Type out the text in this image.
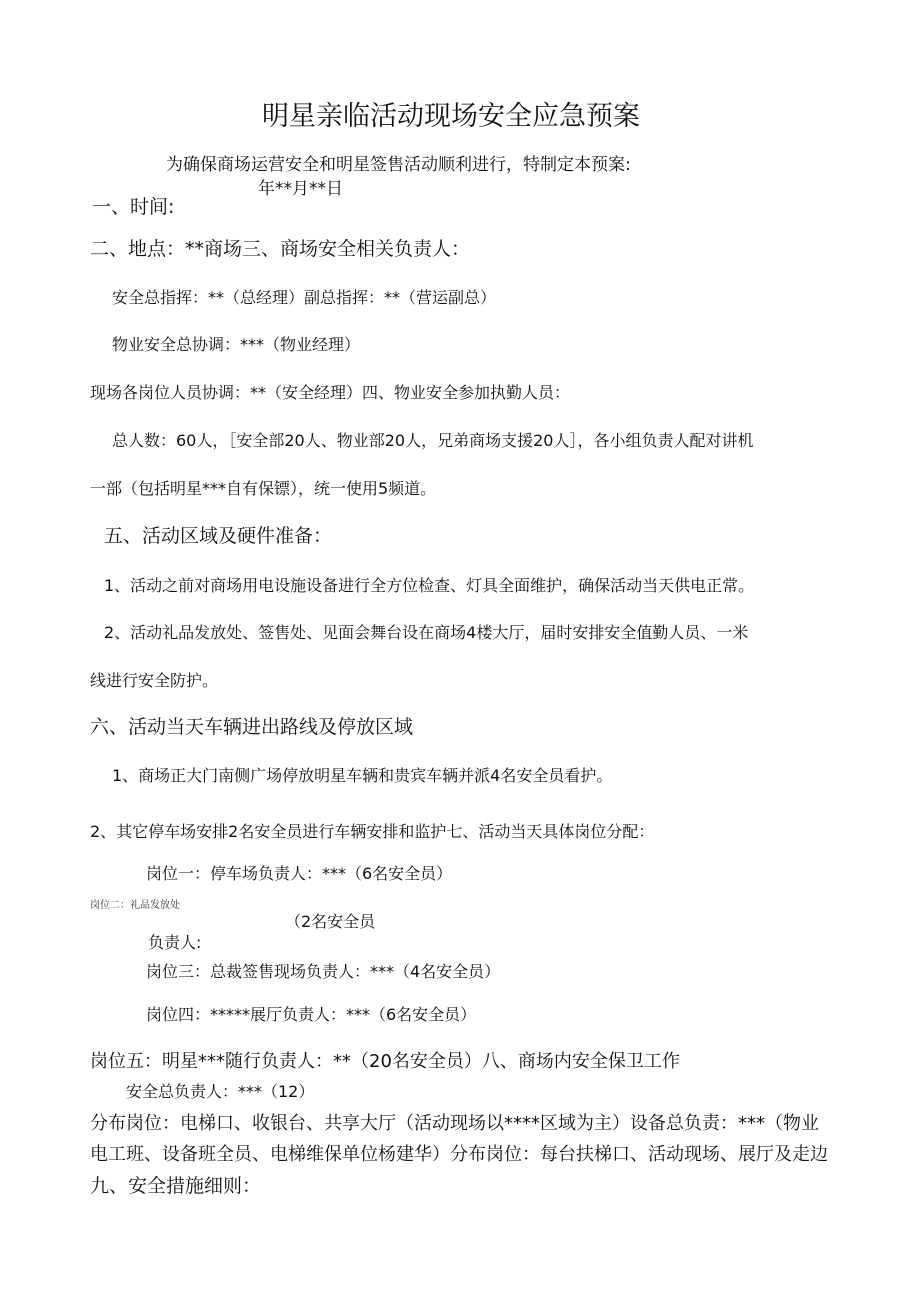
明星亲临活动现场安全应急预案
为确保商场运营安全和明星签售活动顺利进行，特制定本预案:
年**月**日
一、时间:
二、地点：**商场三、商场安全相关负责人：
安全总指挥：**（总经理）副总指挥：**（营运副总）
物业安全总协调：***（物业经理）
现场各岗位人员协调：**（安全经理）四、物业安全参加执勤人员：
总人数：60人，［安全部20人、物业部20人，兄弟商场支援20人］，各小组负责人配对讲机
一部（包括明星***自有保镖），统一使用5频道。
五、活动区域及硬件准备：
1、活动之前对商场用电设施设备进行全方位检查、灯具全面维护，确保活动当天供电正常。
2、活动礼品发放处、签售处、见面会舞台设在商场4楼大厅，届时安排安全值勤人员、一米
线进行安全防护。
六、活动当天车辆进出路线及停放区域
1、商场正大门南侧广场停放明星车辆和贵宾车辆并派4名安全员看护。
2、其它停车场安排2名安全员进行车辆安排和监护七、活动当天具体岗位分配：
岗位一：停车场负责人：***（6名安全员）
岗位二：礼品发放处
（2名安全员
负责人:
岗位三：总裁签售现场负责人：***（4名安全员）
岗位四：*****展厅负责人：***（6名安全员）
岗位五：明星***随行负责人：**（20名安全员）八、商场内安全保卫工作
安全总负责人：***（12）
分布岗位：电梯口、收银台、共享大厅（活动现场以****区域为主）设备总负责：***（物业
电工班、设备班全员、电梯维保单位杨建华）分布岗位：每台扶梯口、活动现场、展厅及走边
九、安全措施细则：
